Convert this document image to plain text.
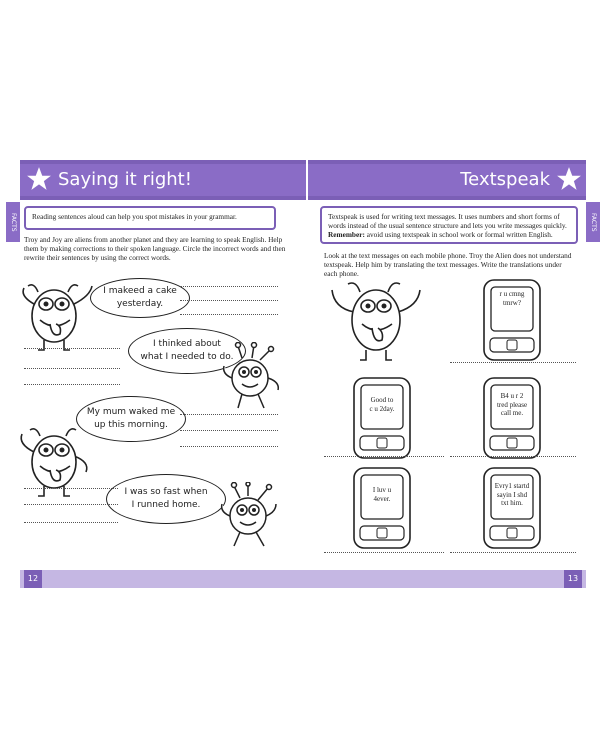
Saying it right!	Textspeak
FACTS	FACTS
Reading sentences aloud can help you spot mistakes in your grammar.
Troy and Joy are aliens from another planet and they are learning to speak English. Help them by making corrections to their spoken language. Circle the incorrect words and then rewrite their sentences by using the correct words.
Textspeak is used for writing text messages. It uses numbers and short forms of words instead of the usual sentence structure and lets you write messages quickly. Remember: avoid using textspeak in school work or formal written English.
Look at the text messages on each mobile phone. Troy the Alien does not understand textspeak. Help him by translating the text messages. Write the translations under each phone.
I makeed a cake
yesterday.
I thinked about
what I needed to do.
My mum waked me
up this morning.
I was so fast when
I runned home.
r u cmng
tmrw?
Good to
c u 2day.
B4 u r 2
tred please
call me.
I luv u
4ever.
Evry1 startd
sayin I shd
txt him.
12	13
